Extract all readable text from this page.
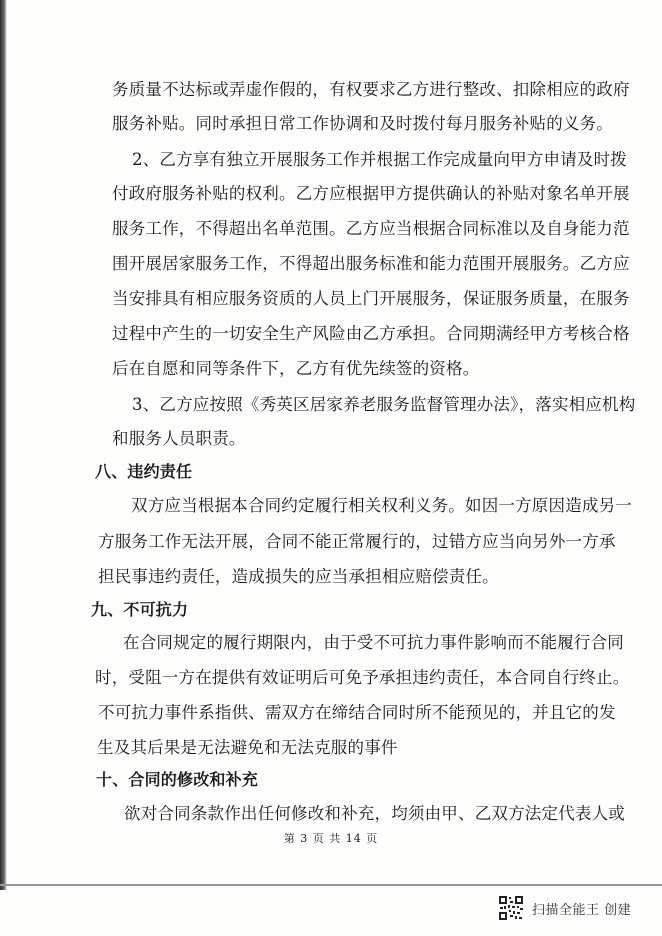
务质量不达标或弄虚作假的，有权要求乙方进行整改、扣除相应的政府
服务补贴。同时承担日常工作协调和及时拨付每月服务补贴的义务。
2、乙方享有独立开展服务工作并根据工作完成量向甲方申请及时拨
付政府服务补贴的权利。乙方应根据甲方提供确认的补贴对象名单开展
服务工作，不得超出名单范围。乙方应当根据合同标准以及自身能力范
围开展居家服务工作，不得超出服务标准和能力范围开展服务。乙方应
当安排具有相应服务资质的人员上门开展服务，保证服务质量，在服务
过程中产生的一切安全生产风险由乙方承担。合同期满经甲方考核合格
后在自愿和同等条件下，乙方有优先续签的资格。
3、乙方应按照《秀英区居家养老服务监督管理办法》，落实相应机构
和服务人员职责。
八、违约责任
双方应当根据本合同约定履行相关权利义务。如因一方原因造成另一
方服务工作无法开展，合同不能正常履行的，过错方应当向另外一方承
担民事违约责任，造成损失的应当承担相应赔偿责任。
九、不可抗力
在合同规定的履行期限内，由于受不可抗力事件影响而不能履行合同
时，受阻一方在提供有效证明后可免予承担违约责任，本合同自行终止。
不可抗力事件系指供、需双方在缔结合同时所不能预见的，并且它的发
生及其后果是无法避免和无法克服的事件
十、合同的修改和补充
欲对合同条款作出任何修改和补充，均须由甲、乙双方法定代表人或
第 3 页 共 14 页
扫描全能王 创建
